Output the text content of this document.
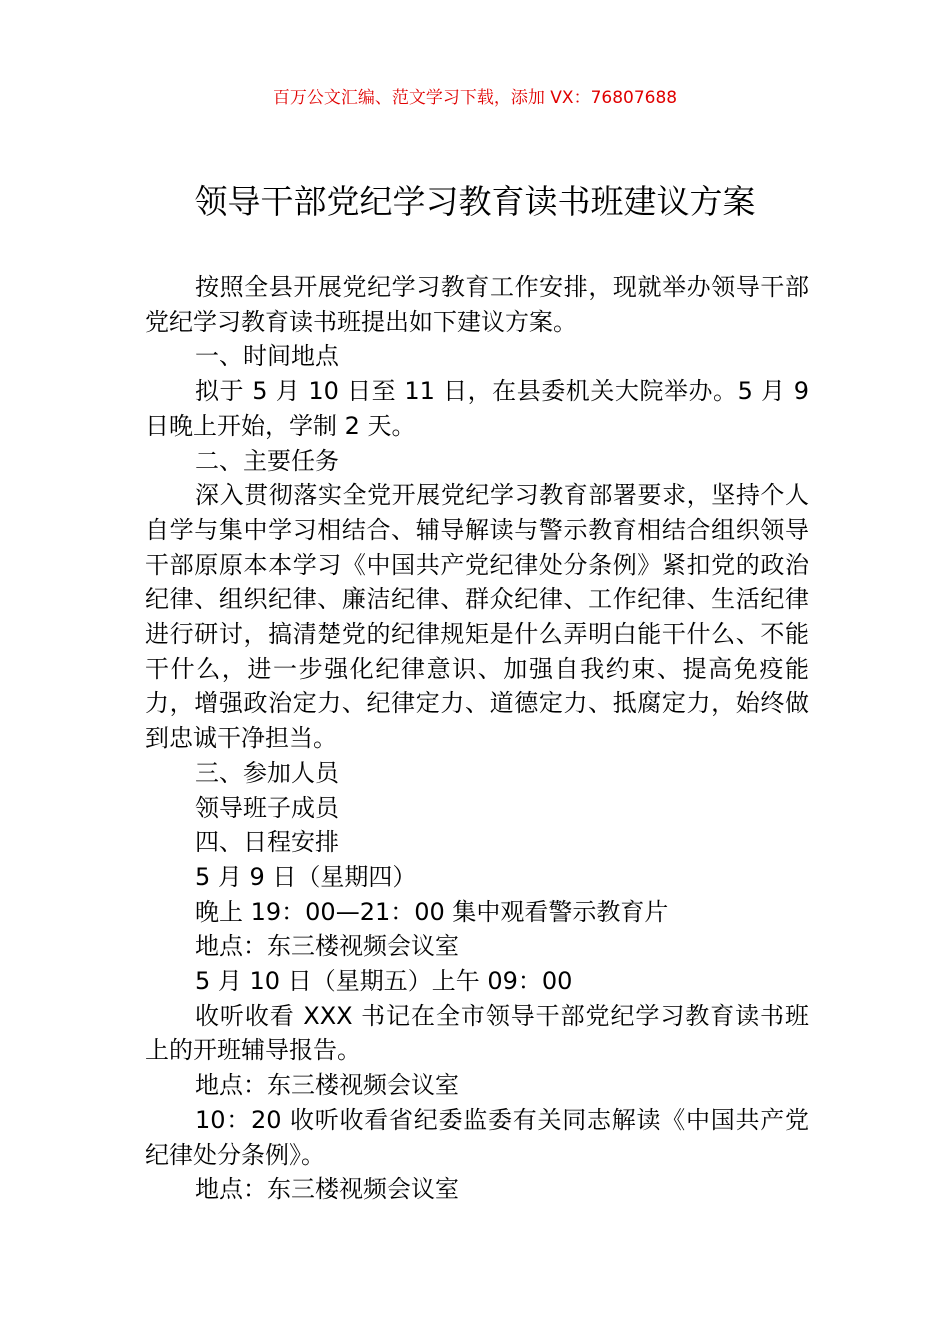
百万公文汇编、范文学习下载，添加 VX：76807688
领导干部党纪学习教育读书班建议方案

按照全县开展党纪学习教育工作安排，现就举办领导干部党纪学习教育读书班提出如下建议方案。

一、时间地点

拟于 5 月 10 日至 11 日，在县委机关大院举办。5 月 9 日晚上开始，学制 2 天。

二、主要任务

深入贯彻落实全党开展党纪学习教育部署要求，坚持个人自学与集中学习相结合、辅导解读与警示教育相结合组织领导干部原原本本学习《中国共产党纪律处分条例》紧扣党的政治纪律、组织纪律、廉洁纪律、群众纪律、工作纪律、生活纪律进行研讨，搞清楚党的纪律规矩是什么弄明白能干什么、不能干什么，进一步强化纪律意识、加强自我约束、提高免疫能力，增强政治定力、纪律定力、道德定力、抵腐定力，始终做到忠诚干净担当。

三、参加人员

领导班子成员

四、日程安排

5 月 9 日（星期四）

晚上 19：00—21：00 集中观看警示教育片

地点：东三楼视频会议室

5 月 10 日（星期五）上午 09：00

收听收看 XXX 书记在全市领导干部党纪学习教育读书班上的开班辅导报告。

地点：东三楼视频会议室

10：20 收听收看省纪委监委有关同志解读《中国共产党纪律处分条例》。

地点：东三楼视频会议室
